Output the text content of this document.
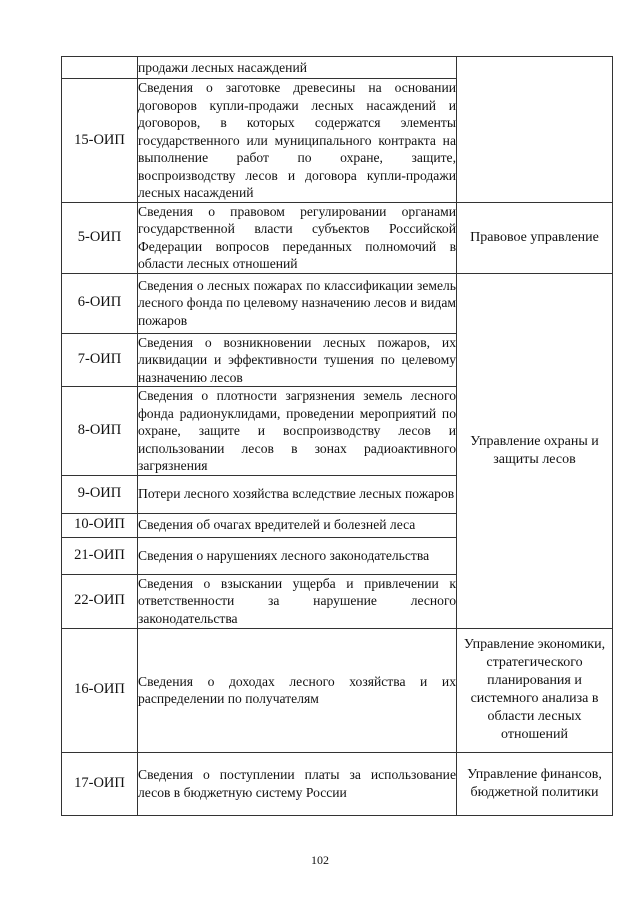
	продажи лесных насаждений	
15-ОИП	Сведения о заготовке древесины на основании договоров купли-продажи лесных насаждений и договоров, в которых содержатся элементы государственного или муниципального контракта на выполнение работ по охране, защите, воспроизводству лесов и договора купли-продажи лесных насаждений	
5-ОИП	Сведения о правовом регулировании органами государственной власти субъектов Российской Федерации вопросов переданных полномочий в области лесных отношений	Правовое управление
6-ОИП	Сведения о лесных пожарах по классификации земель лесного фонда по целевому назначению лесов и видам пожаров	Управление охраны и защиты лесов
7-ОИП	Сведения о возникновении лесных пожаров, их ликвидации и эффективности тушения по целевому назначению лесов	
8-ОИП	Сведения о плотности загрязнения земель лесного фонда радионуклидами, проведении мероприятий по охране, защите и воспроизводству лесов и использовании лесов в зонах радиоактивного загрязнения	
9-ОИП	Потери лесного хозяйства вследствие лесных пожаров	
10-ОИП	Сведения об очагах вредителей и болезней леса	
21-ОИП	Сведения о нарушениях лесного законодательства	
22-ОИП	Сведения о взыскании ущерба и привлечении к ответственности за нарушение лесного законодательства	
16-ОИП	Сведения о доходах лесного хозяйства и их распределении по получателям	Управление экономики, стратегического планирования и системного анализа в области лесных отношений
17-ОИП	Сведения о поступлении платы за использование лесов в бюджетную систему России	Управление финансов, бюджетной политики
102
